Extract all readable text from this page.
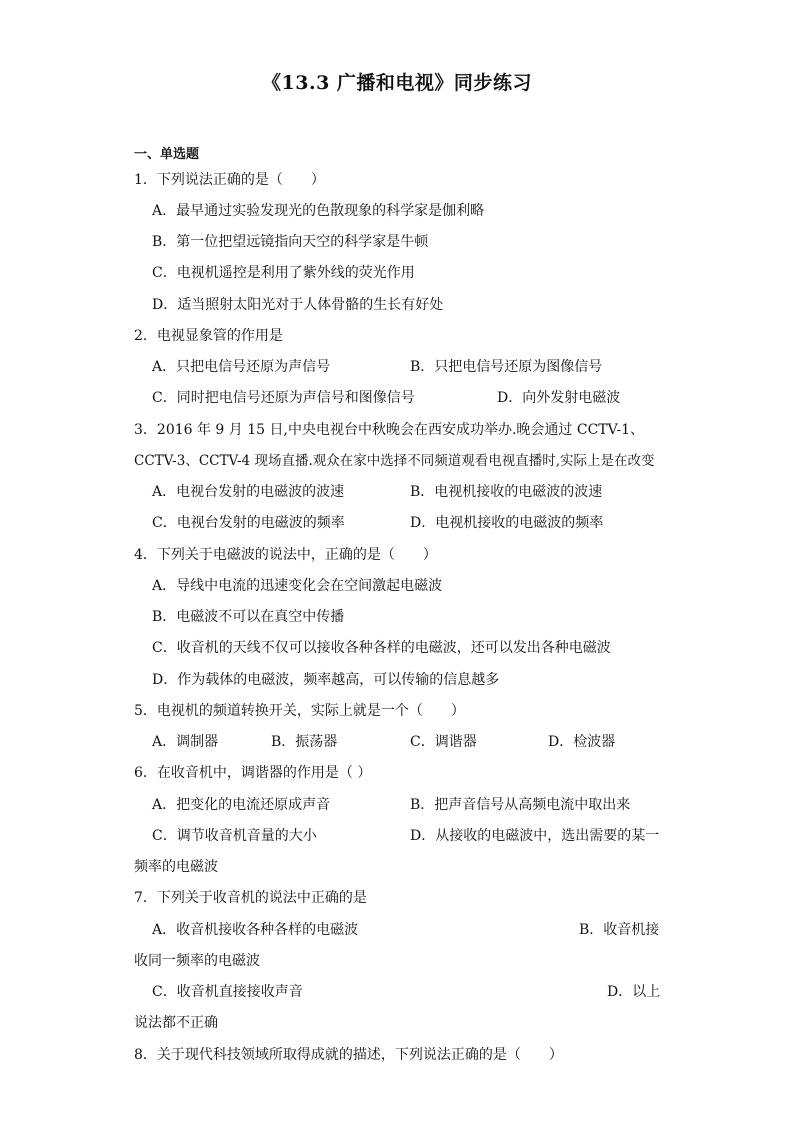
《13.3 广播和电视》同步练习
一、单选题
1．下列说法正确的是（　　）
A．最早通过实验发现光的色散现象的科学家是伽利略
B．第一位把望远镜指向天空的科学家是牛顿
C．电视机遥控是利用了紫外线的荧光作用
D．适当照射太阳光对于人体骨骼的生长有好处
2．电视显象管的作用是
A．只把电信号还原为声信号	B．只把电信号还原为图像信号
C．同时把电信号还原为声信号和图像信号	D．向外发射电磁波
3．2016 年 9 月 15 日,中央电视台中秋晚会在西安成功举办.晚会通过 CCTV-1、
CCTV-3、CCTV-4 现场直播.观众在家中选择不同频道观看电视直播时,实际上是在改变
A．电视台发射的电磁波的波速	B．电视机接收的电磁波的波速
C．电视台发射的电磁波的频率	D．电视机接收的电磁波的频率
4．下列关于电磁波的说法中，正确的是（　　）
A．导线中电流的迅速变化会在空间激起电磁波
B．电磁波不可以在真空中传播
C．收音机的天线不仅可以接收各种各样的电磁波，还可以发出各种电磁波
D．作为载体的电磁波，频率越高，可以传输的信息越多
5．电视机的频道转换开关，实际上就是一个（　　）
A．调制器	B．振荡器	C．调谐器	D．检波器
6．在收音机中，调谐器的作用是（ ）
A．把变化的电流还原成声音	B．把声音信号从高频电流中取出来
C．调节收音机音量的大小	D．从接收的电磁波中，选出需要的某一
频率的电磁波
7．下列关于收音机的说法中正确的是
A．收音机接收各种各样的电磁波	B．收音机接
收同一频率的电磁波
C．收音机直接接收声音	D．以上
说法都不正确
8．关于现代科技领域所取得成就的描述，下列说法正确的是（　　）
